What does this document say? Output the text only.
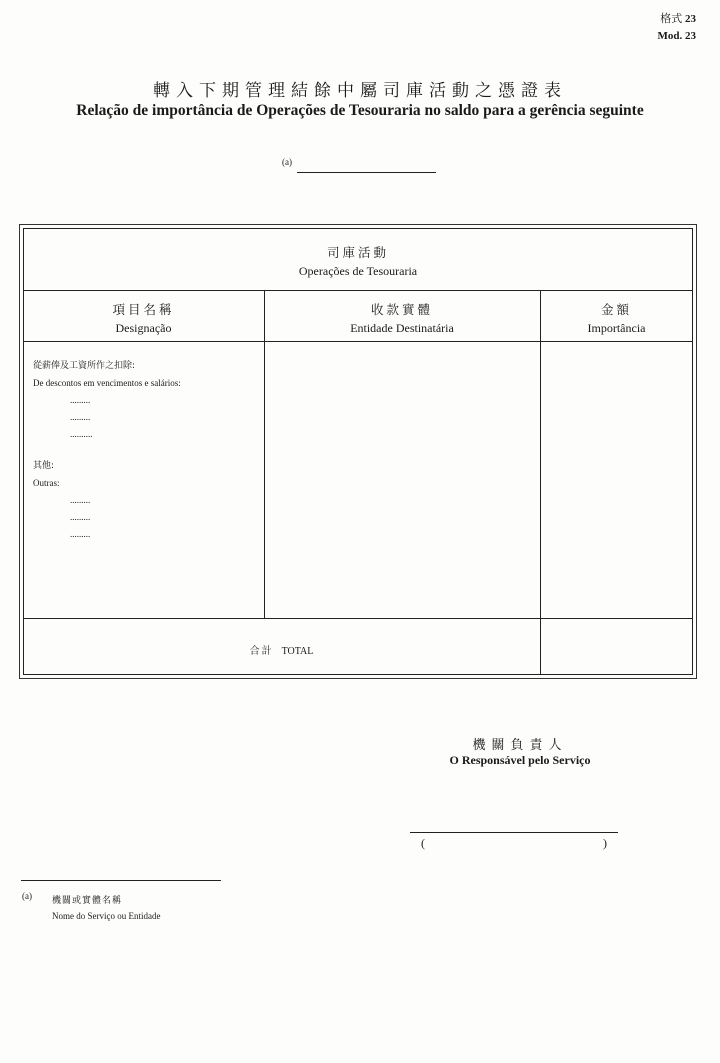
格式 23
Mod. 23
轉入下期管理結餘中屬司庫活動之憑證表
Relação de importância de Operações de Tesouraria no saldo para a gerência seguinte
(a)
司庫活動
Operações de Tesouraria
項目名稱
Designação
收款實體
Entidade Destinatária
金額
Importância
從薪俸及工資所作之扣除:
De descontos em vencimentos e salários:
.........
.........
..........
其他:
Outras:
.........
.........
.........
合計 TOTAL
機關負責人
O Responsável pelo Serviço
(	)
(a) 機關或實體名稱
Nome do Serviço ou Entidade
